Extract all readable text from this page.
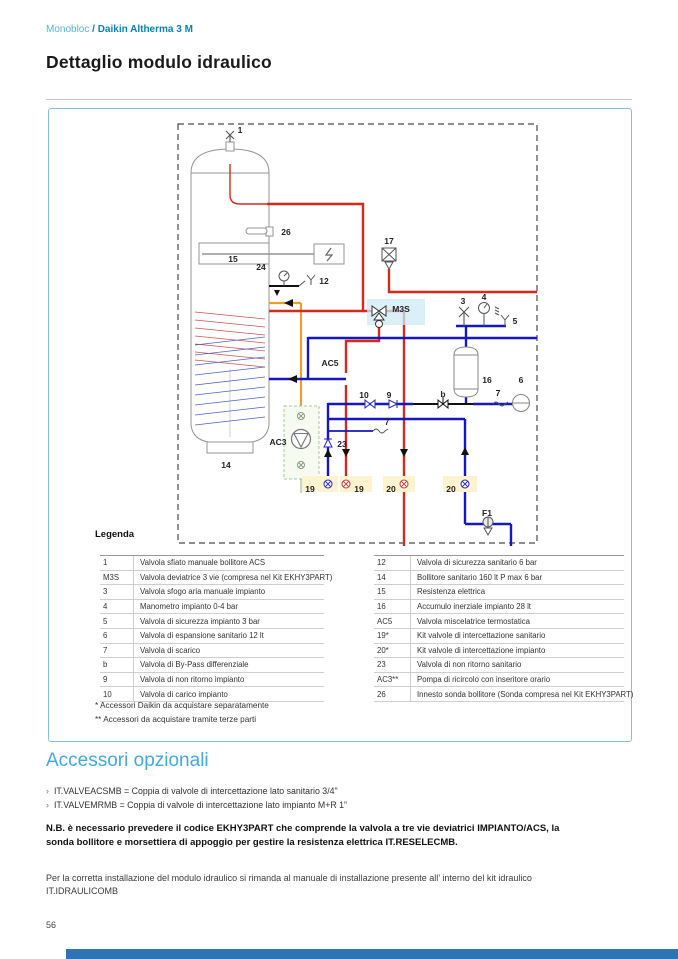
Monobloc / Daikin Altherma 3 M
Dettaglio modulo idraulico
1
26
15
24
12
17
M3S
3 4
5
16	6
AC5
10 9	b	7
7
23
AC3
19	19	20	20
F1
14
Legenda
1	Valvola sfiato manuale bollitore ACS
M3S	Valvola deviatrice 3 vie (compresa nel Kit EKHY3PART)
3	Valvola sfogo aria manuale impianto
4	Manometro impianto 0-4 bar
5	Valvola di sicurezza impianto 3 bar
6	Valvola di espansione sanitario 12 lt
7	Valvola di scarico
b	Valvola di By-Pass differenziale
9	Valvola di non ritorno impianto
10	Valvola di carico impianto
12	Valvola di sicurezza sanitario 6 bar
14	Bollitore sanitario 160 lt P max 6 bar
15	Resistenza elettrica
16	Accumulo inerziale impianto 28 lt
AC5	Valvola miscelatrice termostatica
19*	Kit valvole di intercettazione sanitario
20*	Kit valvole di intercettazione impianto
23	Valvola di non ritorno sanitario
AC3**	Pompa di ricircolo con inseritore orario
26	Innesto sonda bollitore (Sonda compresa nel Kit EKHY3PART)
* Accessori Daikin da acquistare separatamente
** Accessori da acquistare tramite terze parti
Accessori opzionali
› IT.VALVEACSMB = Coppia di valvole di intercettazione lato sanitario 3/4"
› IT.VALVEMRMB = Coppia di valvole di intercettazione lato impianto M+R 1”
N.B. è necessario prevedere il codice EKHY3PART che comprende la valvola a tre vie deviatrici IMPIANTO/ACS, la sonda bollitore e morsettiera di appoggio per gestire la resistenza elettrica IT.RESELECMB.
Per la corretta installazione del modulo idraulico si rimanda al manuale di installazione presente all’ interno del kit idraulico IT.IDRAULICOMB
56
